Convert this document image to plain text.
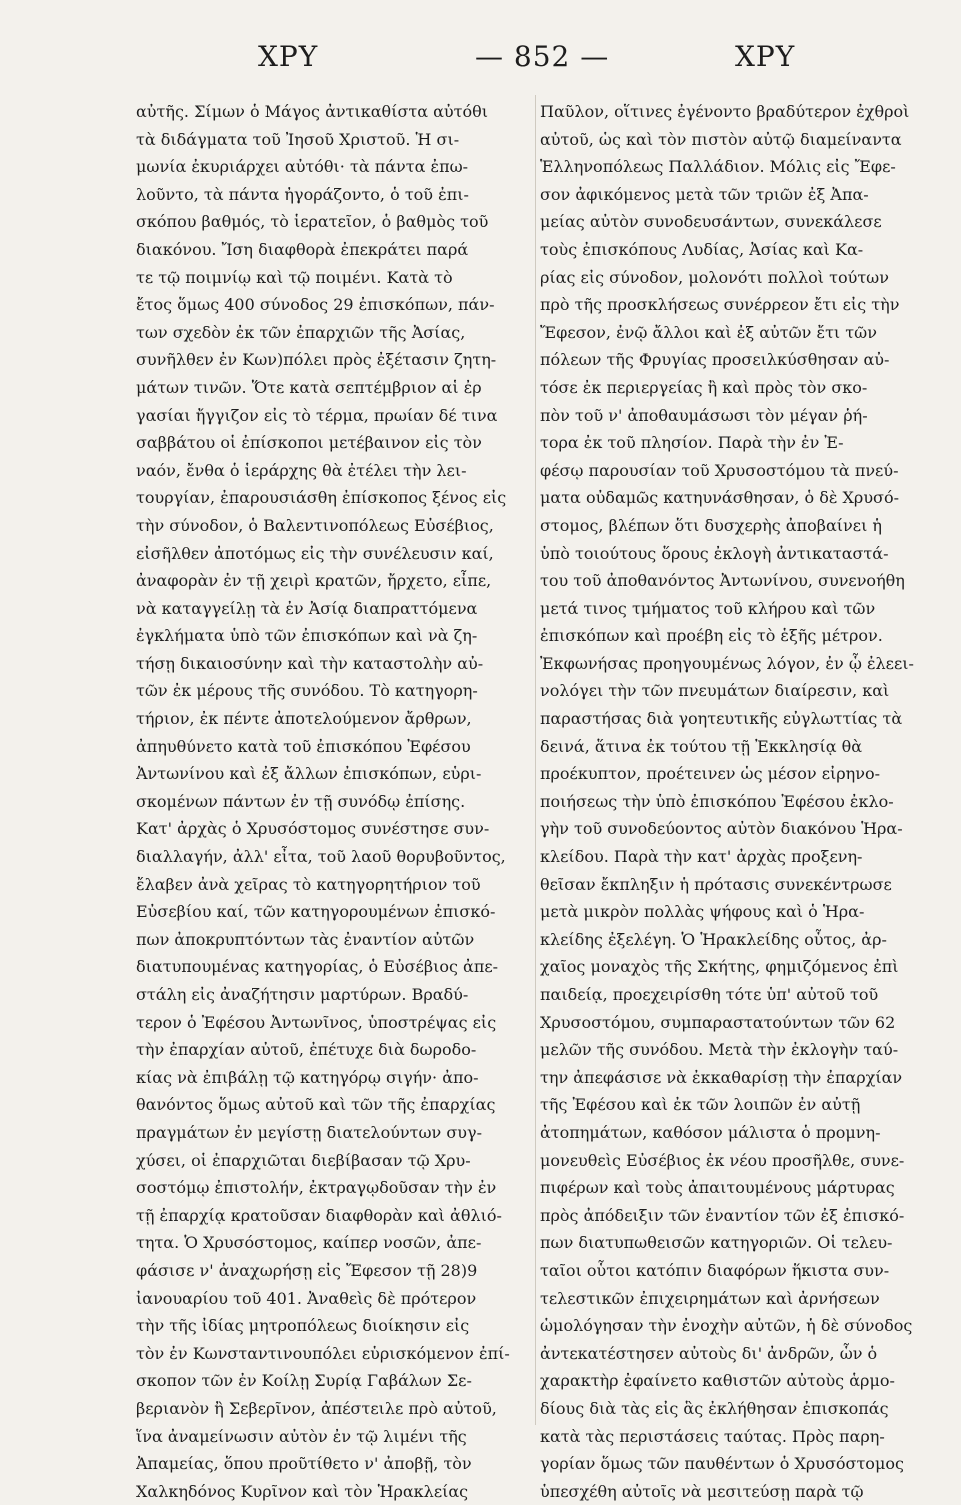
ΧΡΥ	— 852 —	ΧΡΥ
αὐτῆς. Σίμων ὁ Μάγος ἀντικαθίστα αὐτόθι
τὰ διδάγματα τοῦ Ἰησοῦ Χριστοῦ. Ἡ σι-
μωνία ἐκυριάρχει αὐτόθι· τὰ πάντα ἐπω-
λοῦντο, τὰ πάντα ἠγοράζοντο, ὁ τοῦ ἐπι-
σκόπου βαθμός, τὸ ἱερατεῖον, ὁ βαθμὸς τοῦ
διακόνου. Ἴση διαφθορὰ ἐπεκράτει παρά
τε τῷ ποιμνίῳ καὶ τῷ ποιμένι. Κατὰ τὸ
ἔτος ὅμως 400 σύνοδος 29 ἐπισκόπων, πάν-
των σχεδὸν ἐκ τῶν ἐπαρχιῶν τῆς Ἀσίας,
συνῆλθεν ἐν Κων)πόλει πρὸς ἐξέτασιν ζητη-
μάτων τινῶν. Ὅτε κατὰ σεπτέμβριον αἱ ἐρ
γασίαι ἤγγιζον εἰς τὸ τέρμα, πρωίαν δέ τινα
σαββάτου οἱ ἐπίσκοποι μετέβαινον εἰς τὸν
ναόν, ἔνθα ὁ ἱεράρχης θὰ ἐτέλει τὴν λει-
τουργίαν, ἐπαρουσιάσθη ἐπίσκοπος ξένος εἰς
τὴν σύνοδον, ὁ Βαλεντινοπόλεως Εὐσέβιος,
εἰσῆλθεν ἀποτόμως εἰς τὴν συνέλευσιν καί,
ἀναφορὰν ἐν τῇ χειρὶ κρατῶν, ἤρχετο, εἶπε,
νὰ καταγγείλῃ τὰ ἐν Ἀσίᾳ διαπραττόμενα
ἐγκλήματα ὑπὸ τῶν ἐπισκόπων καὶ νὰ ζη-
τήσῃ δικαιοσύνην καὶ τὴν καταστολὴν αὐ-
τῶν ἐκ μέρους τῆς συνόδου. Τὸ κατηγορη-
τήριον, ἐκ πέντε ἀποτελούμενον ἄρθρων,
ἀπηυθύνετο κατὰ τοῦ ἐπισκόπου Ἐφέσου
Ἀντωνίνου καὶ ἐξ ἄλλων ἐπισκόπων, εὑρι-
σκομένων πάντων ἐν τῇ συνόδῳ ἐπίσης.
Κατ' ἀρχὰς ὁ Χρυσόστομος συνέστησε συν-
διαλλαγήν, ἀλλ' εἶτα, τοῦ λαοῦ θορυβοῦντος,
ἔλαβεν ἀνὰ χεῖρας τὸ κατηγορητήριον τοῦ
Εὐσεβίου καί, τῶν κατηγορουμένων ἐπισκό-
πων ἀποκρυπτόντων τὰς ἐναντίον αὐτῶν
διατυπουμένας κατηγορίας, ὁ Εὐσέβιος ἀπε-
στάλη εἰς ἀναζήτησιν μαρτύρων. Βραδύ-
τερον ὁ Ἐφέσου Ἀντωνῖνος, ὑποστρέψας εἰς
τὴν ἐπαρχίαν αὐτοῦ, ἐπέτυχε διὰ δωροδο-
κίας νὰ ἐπιβάλῃ τῷ κατηγόρῳ σιγήν· ἀπο-
θανόντος ὅμως αὐτοῦ καὶ τῶν τῆς ἐπαρχίας
πραγμάτων ἐν μεγίστῃ διατελούντων συγ-
χύσει, οἱ ἐπαρχιῶται διεβίβασαν τῷ Χρυ-
σοστόμῳ ἐπιστολήν, ἐκτραγῳδοῦσαν τὴν ἐν
τῇ ἐπαρχίᾳ κρατοῦσαν διαφθορὰν καὶ ἀθλιό-
τητα. Ὁ Χρυσόστομος, καίπερ νοσῶν, ἀπε-
φάσισε ν' ἀναχωρήσῃ εἰς Ἔφεσον τῇ 28)9
ἰανουαρίου τοῦ 401. Ἀναθεὶς δὲ πρότερον
τὴν τῆς ἰδίας μητροπόλεως διοίκησιν εἰς
τὸν ἐν Κωνσταντινουπόλει εὑρισκόμενον ἐπί-
σκοπον τῶν ἐν Κοίλῃ Συρίᾳ Γαβάλων Σε-
βεριανὸν ἢ Σεβερῖνον, ἀπέστειλε πρὸ αὐτοῦ,
ἵνα ἀναμείνωσιν αὐτὸν ἐν τῷ λιμένι τῆς
Ἀπαμείας, ὅπου προῦτίθετο ν' ἀποβῇ, τὸν
Χαλκηδόνος Κυρῖνον καὶ τὸν Ἡρακλείας
Παῦλον, οἵτινες ἐγένοντο βραδύτερον ἐχθροὶ
αὐτοῦ, ὡς καὶ τὸν πιστὸν αὐτῷ διαμείναντα
Ἑλληνοπόλεως Παλλάδιον. Μόλις εἰς Ἔφε-
σον ἀφικόμενος μετὰ τῶν τριῶν ἐξ Ἀπα-
μείας αὐτὸν συνοδευσάντων, συνεκάλεσε
τοὺς ἐπισκόπους Λυδίας, Ἀσίας καὶ Κα-
ρίας εἰς σύνοδον, μολονότι πολλοὶ τούτων
πρὸ τῆς προσκλήσεως συνέρρεον ἔτι εἰς τὴν
Ἔφεσον, ἐνῷ ἄλλοι καὶ ἐξ αὐτῶν ἔτι τῶν
πόλεων τῆς Φρυγίας προσειλκύσθησαν αὐ-
τόσε ἐκ περιεργείας ἢ καὶ πρὸς τὸν σκο-
πὸν τοῦ ν' ἀποθαυμάσωσι τὸν μέγαν ῥή-
τορα ἐκ τοῦ πλησίον. Παρὰ τὴν ἐν Ἐ-
φέσῳ παρουσίαν τοῦ Χρυσοστόμου τὰ πνεύ-
ματα οὐδαμῶς κατηυνάσθησαν, ὁ δὲ Χρυσό-
στομος, βλέπων ὅτι δυσχερὴς ἀποβαίνει ἡ
ὑπὸ τοιούτους ὅρους ἐκλογὴ ἀντικαταστά-
του τοῦ ἀποθανόντος Ἀντωνίνου, συνενοήθη
μετά τινος τμήματος τοῦ κλήρου καὶ τῶν
ἐπισκόπων καὶ προέβη εἰς τὸ ἑξῆς μέτρον.
Ἐκφωνήσας προηγουμένως λόγον, ἐν ᾧ ἐλεει-
νολόγει τὴν τῶν πνευμάτων διαίρεσιν, καὶ
παραστήσας διὰ γοητευτικῆς εὐγλωττίας τὰ
δεινά, ἅτινα ἐκ τούτου τῇ Ἐκκλησίᾳ θὰ
προέκυπτον, προέτεινεν ὡς μέσον εἰρηνο-
ποιήσεως τὴν ὑπὸ ἐπισκόπου Ἐφέσου ἐκλο-
γὴν τοῦ συνοδεύοντος αὐτὸν διακόνου Ἡρα-
κλείδου. Παρὰ τὴν κατ' ἀρχὰς προξενη-
θεῖσαν ἔκπληξιν ἡ πρότασις συνεκέντρωσε
μετὰ μικρὸν πολλὰς ψήφους καὶ ὁ Ἡρα-
κλείδης ἐξελέγη. Ὁ Ἡρακλείδης οὗτος, ἀρ-
χαῖος μοναχὸς τῆς Σκήτης, φημιζόμενος ἐπὶ
παιδείᾳ, προεχειρίσθη τότε ὑπ' αὐτοῦ τοῦ
Χρυσοστόμου, συμπαραστατούντων τῶν 62
μελῶν τῆς συνόδου. Μετὰ τὴν ἐκλογὴν ταύ-
την ἀπεφάσισε νὰ ἐκκαθαρίσῃ τὴν ἐπαρχίαν
τῆς Ἐφέσου καὶ ἐκ τῶν λοιπῶν ἐν αὐτῇ
ἀτοπημάτων, καθόσον μάλιστα ὁ προμνη-
μονευθεὶς Εὐσέβιος ἐκ νέου προσῆλθε, συνε-
πιφέρων καὶ τοὺς ἀπαιτουμένους μάρτυρας
πρὸς ἀπόδειξιν τῶν ἐναντίον τῶν ἐξ ἐπισκό-
πων διατυπωθεισῶν κατηγοριῶν. Οἱ τελευ-
ταῖοι οὗτοι κατόπιν διαφόρων ἥκιστα συν-
τελεστικῶν ἐπιχειρημάτων καὶ ἀρνήσεων
ὡμολόγησαν τὴν ἐνοχὴν αὐτῶν, ἡ δὲ σύνοδος
ἀντεκατέστησεν αὐτοὺς δι' ἀνδρῶν, ὧν ὁ
χαρακτὴρ ἐφαίνετο καθιστῶν αὐτοὺς ἁρμο-
δίους διὰ τὰς εἰς ἃς ἐκλήθησαν ἐπισκοπάς
κατὰ τὰς περιστάσεις ταύτας. Πρὸς παρη-
γορίαν ὅμως τῶν παυθέντων ὁ Χρυσόστομος
ὑπεσχέθη αὐτοῖς νὰ μεσιτεύσῃ παρὰ τῷ
